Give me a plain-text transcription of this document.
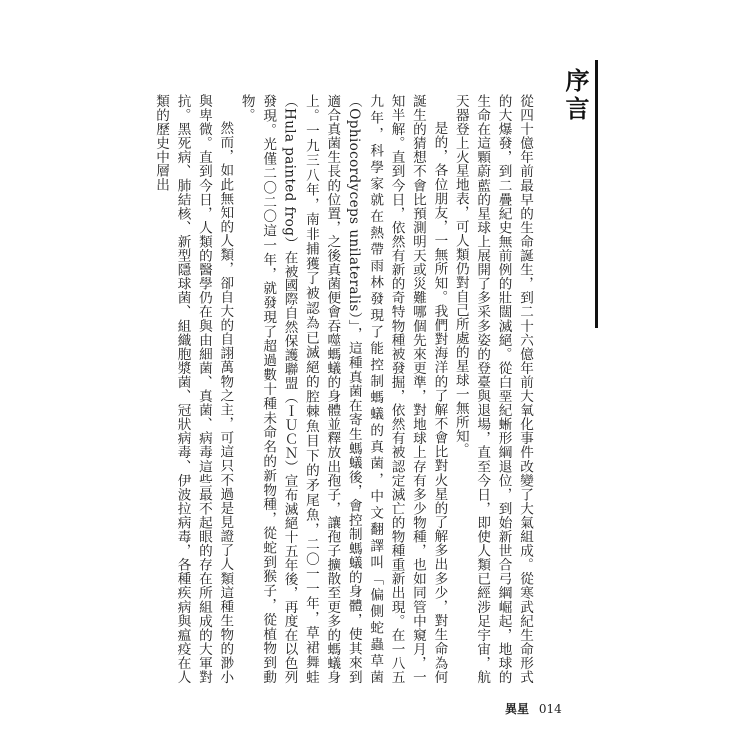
序言

從四十億年前最早的生命誕生，到二十六億年前大氧化事件改變了大氣組成。從寒武紀生命形式的大爆發，到二疊紀史無前例的壯闊滅絕。從白堊紀蜥形綱退位，到始新世合弓綱崛起，地球的生命在這顆蔚藍的星球上展開了多采多姿的登臺與退場，直至今日，即使人類已經涉足宇宙，航天器登上火星地表，可人類仍對自己所處的星球一無所知。

是的，各位朋友，一無所知。我們對海洋的了解不會比對火星的了解多出多少，對生命為何誕生的猜想不會比預測明天或災難哪個先來更準，對地球上存有多少物種，也如同管中窺月，一知半解。直到今日，依然有新的奇特物種被發掘，依然有被認定滅亡的物種重新出現。在一八五九年，科學家就在熱帶雨林發現了能控制螞蟻的真菌，中文翻譯叫「偏側蛇蟲草菌（Ophiocordyceps unilateralis）」，這種真菌在寄生螞蟻後，會控制螞蟻的身體，使其來到適合真菌生長的位置，之後真菌便會吞噬螞蟻的身體並釋放出孢子，讓孢子擴散至更多的螞蟻身上。一九三八年，南非捕獲了被認為已滅絕的腔棘魚目下的矛尾魚，二〇一一年，草裙舞蛙（Hula painted frog）在被國際自然保護聯盟（ＩＵＣＮ）宣布滅絕十五年後，再度在以色列發現。光僅二〇二〇這一年，就發現了超過數十種未命名的新物種，從蛇到猴子，從植物到動物。

然而，如此無知的人類，卻自大的自詡萬物之主，可這只不過是見證了人類這種生物的渺小與卑微。直到今日，人類的醫學仍在與由細菌、真菌、病毒這些最不起眼的存在所組成的大軍對抗。黑死病、肺結核、新型隱球菌、組織胞漿菌、冠狀病毒、伊波拉病毒，各種疾病與瘟疫在人類的歷史中層出

異星 014
